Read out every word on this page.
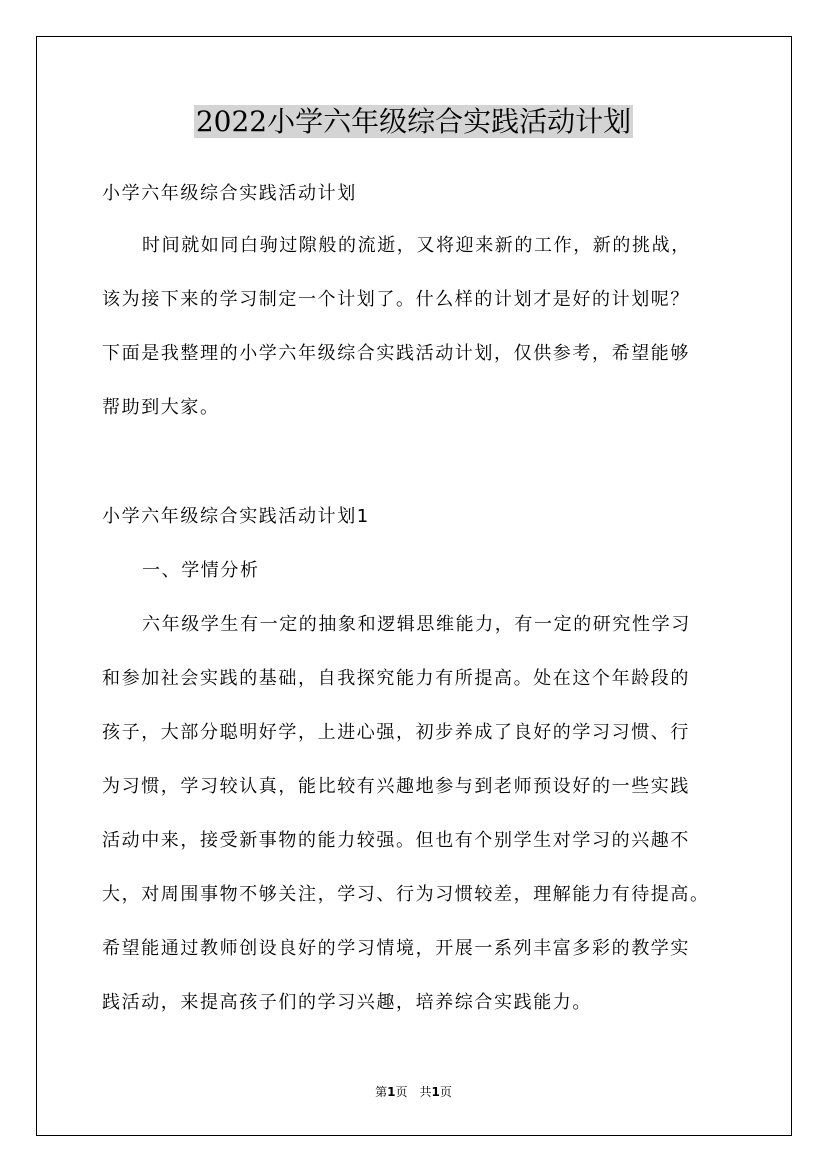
2022小学六年级综合实践活动计划
小学六年级综合实践活动计划
时间就如同白驹过隙般的流逝，又将迎来新的工作，新的挑战，
该为接下来的学习制定一个计划了。什么样的计划才是好的计划呢？
下面是我整理的小学六年级综合实践活动计划，仅供参考，希望能够
帮助到大家。
小学六年级综合实践活动计划1
一、学情分析
六年级学生有一定的抽象和逻辑思维能力，有一定的研究性学习
和参加社会实践的基础，自我探究能力有所提高。处在这个年龄段的
孩子，大部分聪明好学，上进心强，初步养成了良好的学习习惯、行
为习惯，学习较认真，能比较有兴趣地参与到老师预设好的一些实践
活动中来，接受新事物的能力较强。但也有个别学生对学习的兴趣不
大，对周围事物不够关注，学习、行为习惯较差，理解能力有待提高。
希望能通过教师创设良好的学习情境，开展一系列丰富多彩的教学实
践活动，来提高孩子们的学习兴趣，培养综合实践能力。
第1页　共1页
